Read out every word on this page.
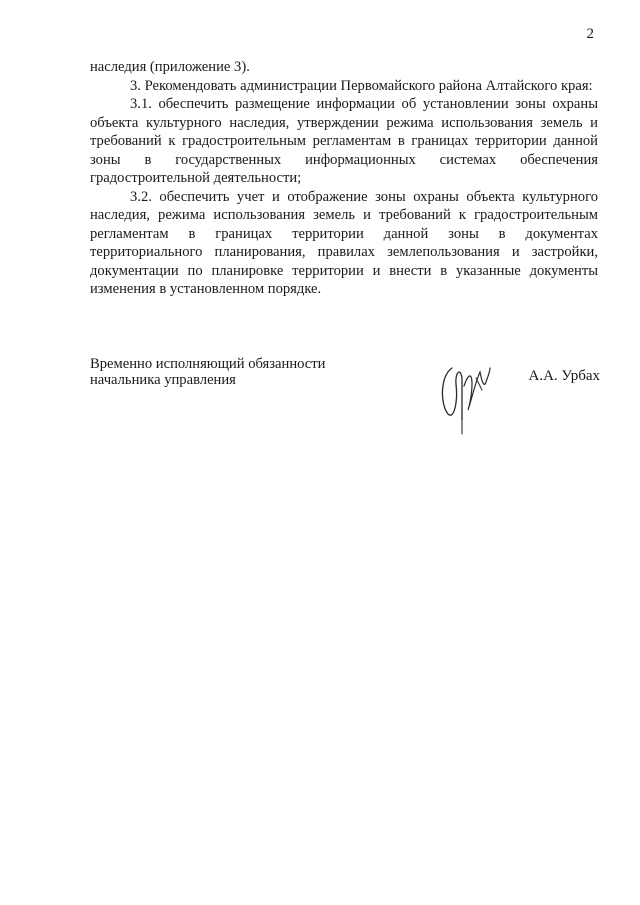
2

наследия (приложение 3).

3. Рекомендовать администрации Первомайского района Алтайского края:

3.1. обеспечить размещение информации об установлении зоны охраны объекта культурного наследия, утверждении режима использования земель и требований к градостроительным регламентам в границах территории данной зоны в государственных информационных системах обеспечения градостроительной деятельности;

3.2. обеспечить учет и отображение зоны охраны объекта культурного наследия, режима использования земель и требований к градостроительным регламентам в границах территории данной зоны в документах территориального планирования, правилах землепользования и застройки, документации по планировке территории и внести в указанные документы изменения в установленном порядке.

Временно исполняющий обязанности
начальника управления	А.А. Урбах
